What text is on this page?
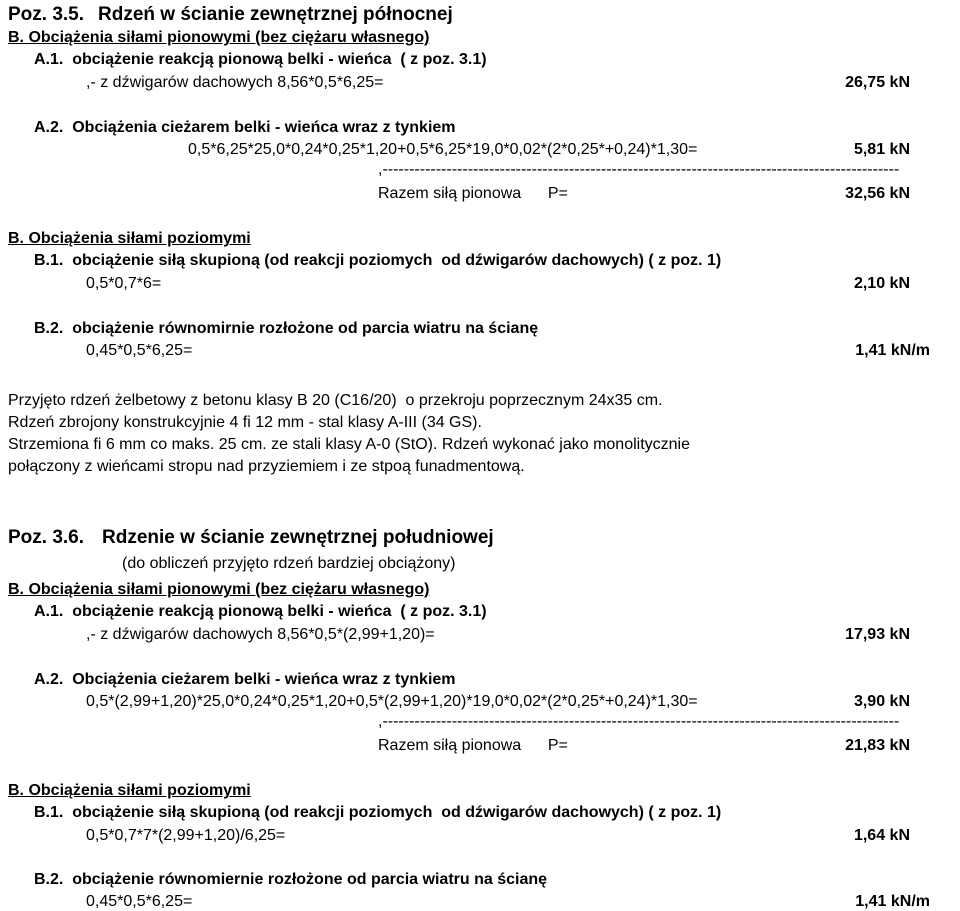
Poz. 3.5. Rdzeń w ścianie zewnętrznej północnej
B. Obciążenia siłami pionowymi (bez ciężaru własnego)
A.1.  obciążenie reakcją pionową belki - wieńca  ( z poz. 3.1)
,- z dźwigarów dachowych 8,56*0,5*6,25=	26,75 kN
A.2.  Obciążenia cieżarem belki - wieńca wraz z tynkiem
0,5*6,25*25,0*0,24*0,25*1,20+0,5*6,25*19,0*0,02*(2*0,25*+0,24)*1,30=	5,81 kN
,-------------------------------------------------------------------------------------------------
Razem siłą pionowa      P=	32,56 kN
B. Obciążenia siłami poziomymi
B.1.  obciążenie siłą skupioną (od reakcji poziomych  od dźwigarów dachowych) ( z poz. 1)
0,5*0,7*6=	2,10 kN
B.2.  obciążenie równomirnie rozłożone od parcia wiatru na ścianę
0,45*0,5*6,25=	1,41 kN/m
Przyjęto rdzeń żelbetowy z betonu klasy B 20 (C16/20)  o przekroju poprzecznym 24x35 cm.
Rdzeń zbrojony konstrukcyjnie 4 fi 12 mm - stal klasy A-III (34 GS).
Strzemiona fi 6 mm co maks. 25 cm. ze stali klasy A-0 (StO). Rdzeń wykonać jako monolitycznie
połączony z wieńcami stropu nad przyziemiem i ze stpoą funadmentową.
Poz. 3.6. Rdzenie w ścianie zewnętrznej południowej
(do obliczeń przyjęto rdzeń bardziej obciążony)
B. Obciążenia siłami pionowymi (bez ciężaru własnego)
A.1.  obciążenie reakcją pionową belki - wieńca  ( z poz. 3.1)
,- z dźwigarów dachowych 8,56*0,5*(2,99+1,20)=	17,93 kN
A.2.  Obciążenia cieżarem belki - wieńca wraz z tynkiem
0,5*(2,99+1,20)*25,0*0,24*0,25*1,20+0,5*(2,99+1,20)*19,0*0,02*(2*0,25*+0,24)*1,30=	3,90 kN
,-------------------------------------------------------------------------------------------------
Razem siłą pionowa      P=	21,83 kN
B. Obciążenia siłami poziomymi
B.1.  obciążenie siłą skupioną (od reakcji poziomych  od dźwigarów dachowych) ( z poz. 1)
0,5*0,7*7*(2,99+1,20)/6,25=	1,64 kN
B.2.  obciążenie równomiernie rozłożone od parcia wiatru na ścianę
0,45*0,5*6,25=	1,41 kN/m
